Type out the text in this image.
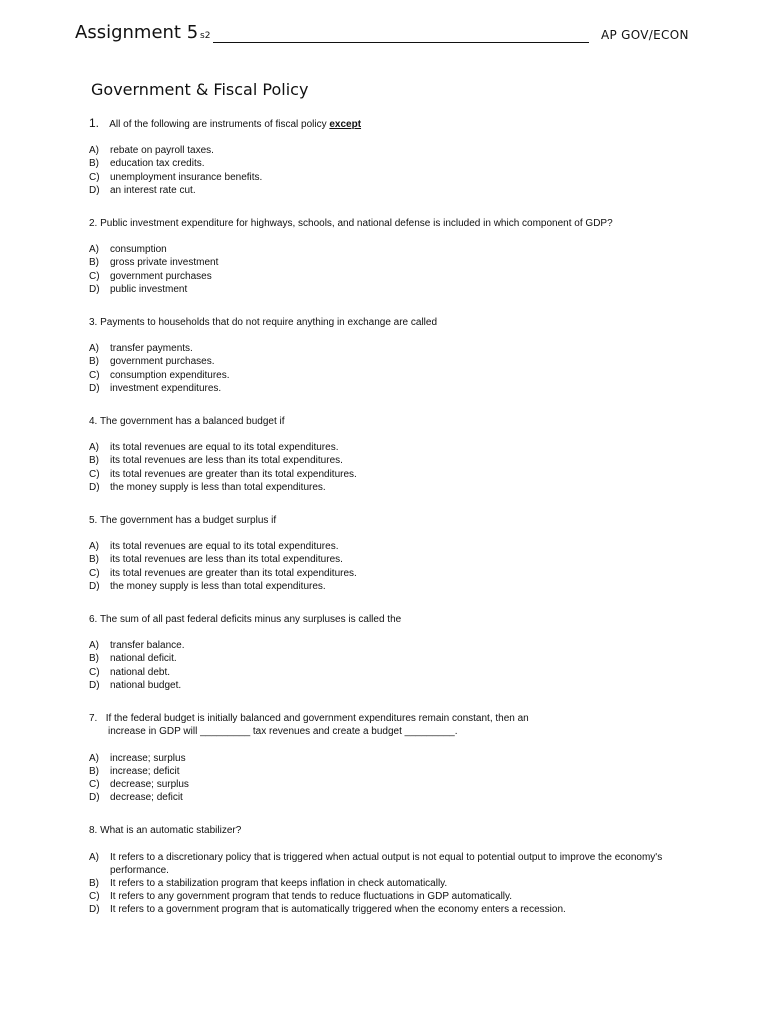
Assignment 5 s2	AP GOV/ECON
Government & Fiscal Policy
1. All of the following are instruments of fiscal policy except
A) rebate on payroll taxes.
B) education tax credits.
C) unemployment insurance benefits.
D) an interest rate cut.
2. Public investment expenditure for highways, schools, and national defense is included in which component of GDP?
A) consumption
B) gross private investment
C) government purchases
D) public investment
3. Payments to households that do not require anything in exchange are called
A) transfer payments.
B) government purchases.
C) consumption expenditures.
D) investment expenditures.
4. The government has a balanced budget if
A) its total revenues are equal to its total expenditures.
B) its total revenues are less than its total expenditures.
C) its total revenues are greater than its total expenditures.
D) the money supply is less than total expenditures.
5. The government has a budget surplus if
A) its total revenues are equal to its total expenditures.
B) its total revenues are less than its total expenditures.
C) its total revenues are greater than its total expenditures.
D) the money supply is less than total expenditures.
6. The sum of all past federal deficits minus any surpluses is called the
A) transfer balance.
B) national deficit.
C) national debt.
D) national budget.
7. If the federal budget is initially balanced and government expenditures remain constant, then an
increase in GDP will _________ tax revenues and create a budget _________.
A) increase; surplus
B) increase; deficit
C) decrease; surplus
D) decrease; deficit
8. What is an automatic stabilizer?
A) It refers to a discretionary policy that is triggered when actual output is not equal to potential output to improve the economy's performance.
B) It refers to a stabilization program that keeps inflation in check automatically.
C) It refers to any government program that tends to reduce fluctuations in GDP automatically.
D) It refers to a government program that is automatically triggered when the economy enters a recession.
